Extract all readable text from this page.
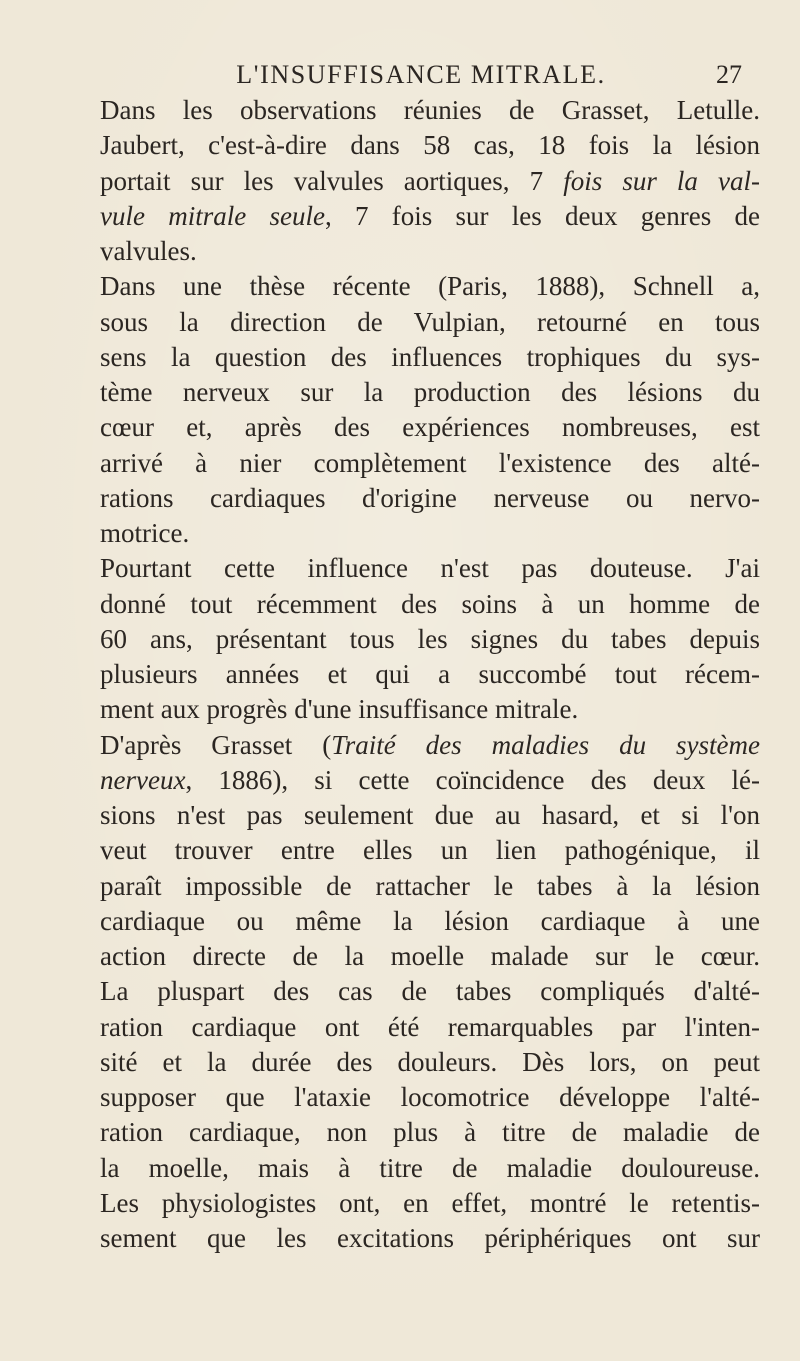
L'INSUFFISANCE MITRALE.	27
Dans les observations réunies de Grasset, Letulle.
Jaubert, c'est-à-dire dans 58 cas, 18 fois la lésion
portait sur les valvules aortiques, 7 fois sur la val-
vule mitrale seule, 7 fois sur les deux genres de
valvules.
Dans une thèse récente (Paris, 1888), Schnell a,
sous la direction de Vulpian, retourné en tous
sens la question des influences trophiques du sys-
tème nerveux sur la production des lésions du
cœur et, après des expériences nombreuses, est
arrivé à nier complètement l'existence des alté-
rations cardiaques d'origine nerveuse ou nervo-
motrice.
Pourtant cette influence n'est pas douteuse. J'ai
donné tout récemment des soins à un homme de
60 ans, présentant tous les signes du tabes depuis
plusieurs années et qui a succombé tout récem-
ment aux progrès d'une insuffisance mitrale.
D'après Grasset (Traité des maladies du système
nerveux, 1886), si cette coïncidence des deux lé-
sions n'est pas seulement due au hasard, et si l'on
veut trouver entre elles un lien pathogénique, il
paraît impossible de rattacher le tabes à la lésion
cardiaque ou même la lésion cardiaque à une
action directe de la moelle malade sur le cœur.
La pluspart des cas de tabes compliqués d'alté-
ration cardiaque ont été remarquables par l'inten-
sité et la durée des douleurs. Dès lors, on peut
supposer que l'ataxie locomotrice développe l'alté-
ration cardiaque, non plus à titre de maladie de
la moelle, mais à titre de maladie douloureuse.
Les physiologistes ont, en effet, montré le retentis-
sement que les excitations périphériques ont sur
